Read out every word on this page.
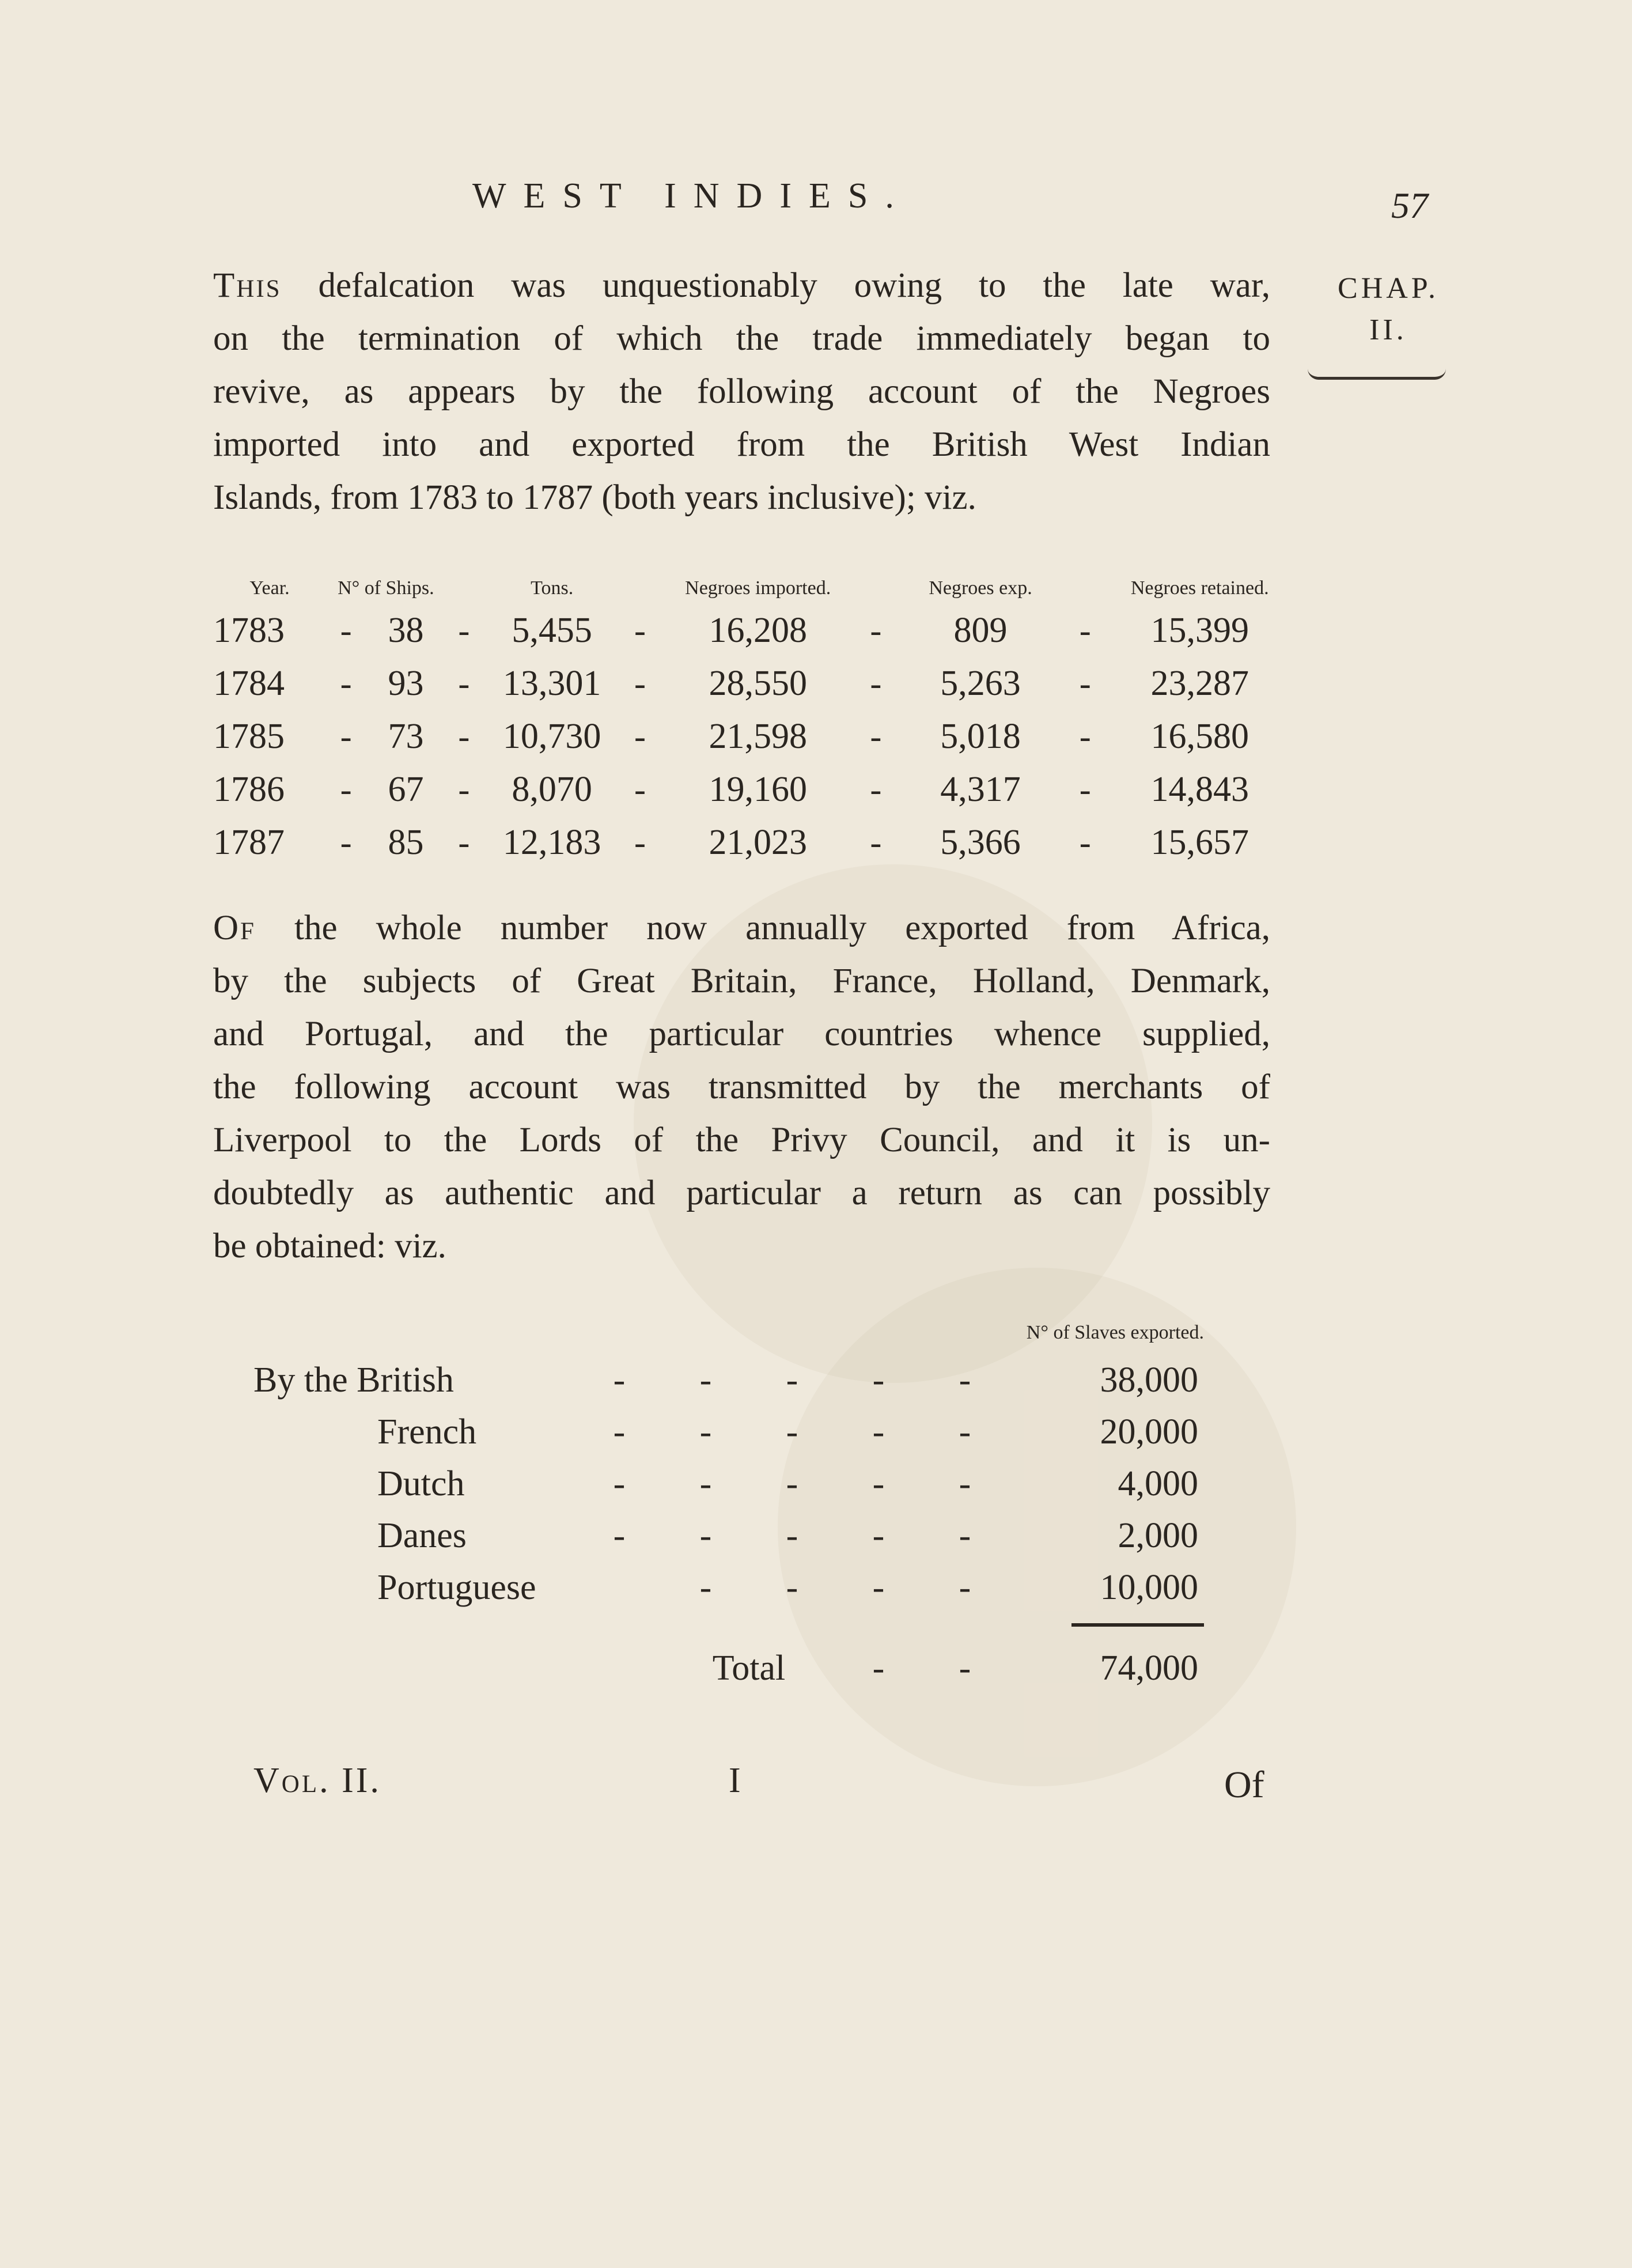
WEST INDIES.	57
CHAP.
II.
This defalcation was unquestionably owing to the late war,
on the termination of which the trade immediately began to
revive, as appears by the following account of the Negroes
imported into and exported from the British West Indian
Islands, from 1783 to 1787 (both years inclusive); viz.
Year.	N° of Ships.			Tons.		Negroes imported.		Negroes exp.		Negroes retained.
1783	-	38	-	5,455	-	16,208	-	809	-	15,399
1784	-	93	-	13,301	-	28,550	-	5,263	-	23,287
1785	-	73	-	10,730	-	21,598	-	5,018	-	16,580
1786	-	67	-	8,070	-	19,160	-	4,317	-	14,843
1787	-	85	-	12,183	-	21,023	-	5,366	-	15,657
Of the whole number now annually exported from Africa,
by the subjects of Great Britain, France, Holland, Denmark,
and Portugal, and the particular countries whence supplied,
the following account was transmitted by the merchants of
Liverpool to the Lords of the Privy Council, and it is un-
doubtedly as authentic and particular a return as can possibly
be obtained: viz.
						N° of Slaves exported.
By the British	-	-	-	-	-	38,000
French	-	-	-	-	-	20,000
Dutch	-	-	-	-	-	4,000
Danes	-	-	-	-	-	2,000
Portuguese		-	-	-	-	10,000

		Total		-	-	74,000
Vol. II.	I	Of
